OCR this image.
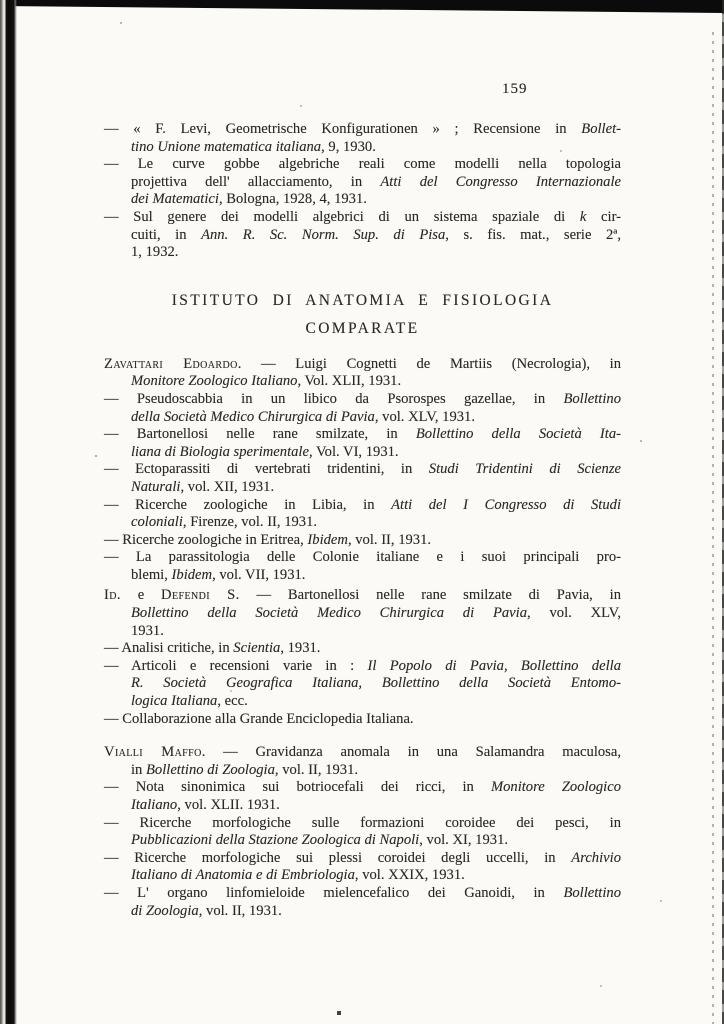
159
— « F. Levi, Geometrische Konfigurationen » ; Recensione in Bollet-
tino Unione matematica italiana, 9, 1930.
— Le curve gobbe algebriche reali come modelli nella topologia
projettiva dell' allacciamento, in Atti del Congresso Internazionale
dei Matematici, Bologna, 1928, 4, 1931.
— Sul genere dei modelli algebrici di un sistema spaziale di k cir-
cuiti, in Ann. R. Sc. Norm. Sup. di Pisa, s. fis. mat., serie 2ª,
1, 1932.
ISTITUTO DI ANATOMIA E FISIOLOGIA
COMPARATE
Zavattari Edoardo. — Luigi Cognetti de Martiis (Necrologia), in
Monitore Zoologico Italiano, Vol. XLII, 1931.
— Pseudoscabbia in un libico da Psorospes gazellae, in Bollettino
della Società Medico Chirurgica di Pavia, vol. XLV, 1931.
— Bartonellosi nelle rane smilzate, in Bollettino della Società Ita-
liana di Biologia sperimentale, Vol. VI, 1931.
— Ectoparassiti di vertebrati tridentini, in Studi Tridentini di Scienze
Naturali, vol. XII, 1931.
— Ricerche zoologiche in Libia, in Atti del I Congresso di Studi
coloniali, Firenze, vol. II, 1931.
— Ricerche zoologiche in Eritrea, Ibidem, vol. II, 1931.
— La parassitologia delle Colonie italiane e i suoi principali pro-
blemi, Ibidem, vol. VII, 1931.
Id. e Defendi S. — Bartonellosi nelle rane smilzate di Pavia, in
Bollettino della Società Medico Chirurgica di Pavia, vol. XLV,
1931.
— Analisi critiche, in Scientia, 1931.
— Articoli e recensioni varie in : Il Popolo di Pavia, Bollettino della
R. Società Geografica Italiana, Bollettino della Società Entomo-
logica Italiana, ecc.
— Collaborazione alla Grande Enciclopedia Italiana.
Vialli Maffo. — Gravidanza anomala in una Salamandra maculosa,
in Bollettino di Zoologia, vol. II, 1931.
— Nota sinonimica sui botriocefali dei ricci, in Monitore Zoologico
Italiano, vol. XLII. 1931.
— Ricerche morfologiche sulle formazioni coroidee dei pesci, in
Pubblicazioni della Stazione Zoologica di Napoli, vol. XI, 1931.
— Ricerche morfologiche sui plessi coroidei degli uccelli, in Archivio
Italiano di Anatomia e di Embriologia, vol. XXIX, 1931.
— L' organo linfomieloide mielencefalico dei Ganoidi, in Bollettino
di Zoologia, vol. II, 1931.
